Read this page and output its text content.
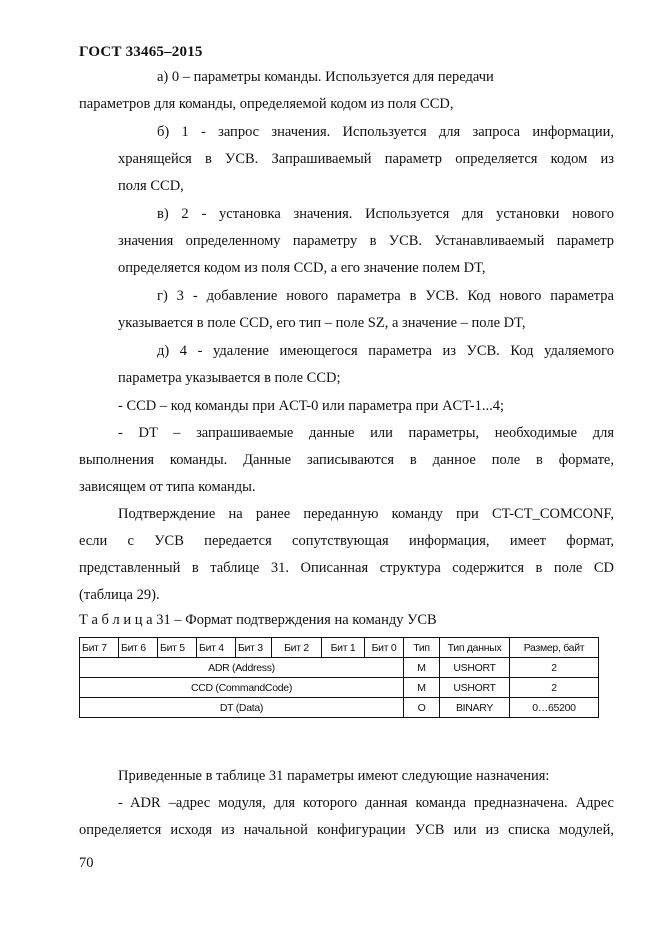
ГОСТ 33465–2015
а) 0 – параметры команды. Используется для передачи
параметров для команды, определяемой кодом из поля CCD,
б) 1 - запрос значения. Используется для запроса информации,
хранящейся в УСВ. Запрашиваемый параметр определяется кодом из
поля CCD,
в) 2 - установка значения. Используется для установки нового
значения определенному параметру в УСВ. Устанавливаемый параметр
определяется кодом из поля CCD, а его значение полем DT,
г) 3 - добавление нового параметра в УСВ. Код нового параметра
указывается в поле CCD, его тип – поле SZ, а значение – поле DT,
д) 4 - удаление имеющегося параметра из УСВ. Код удаляемого
параметра указывается в поле CCD;
- CCD – код команды при ACT-0 или параметра при ACT-1...4;
- DT – запрашиваемые данные или параметры, необходимые для
выполнения команды. Данные записываются в данное поле в формате,
зависящем от типа команды.
Подтверждение на ранее переданную команду при CT-CT_COMCONF,
если с УСВ передается сопутствующая информация, имеет формат,
представленный в таблице 31. Описанная структура содержится в поле CD
(таблица 29).
Т а б л и ц а 31 – Формат подтверждения на команду УСВ
Бит 7	Бит 6	Бит 5	Бит 4	Бит 3	Бит 2	Бит 1	Бит 0	Тип	Тип данных	Размер, байт
ADR (Address)								M	USHORT	2
CCD (CommandCode)								M	USHORT	2
DT (Data)								O	BINARY	0…65200
Приведенные в таблице 31 параметры имеют следующие назначения:
- ADR –адрес модуля, для которого данная команда предназначена. Адрес
определяется исходя из начальной конфигурации УСВ или из списка модулей,
70
